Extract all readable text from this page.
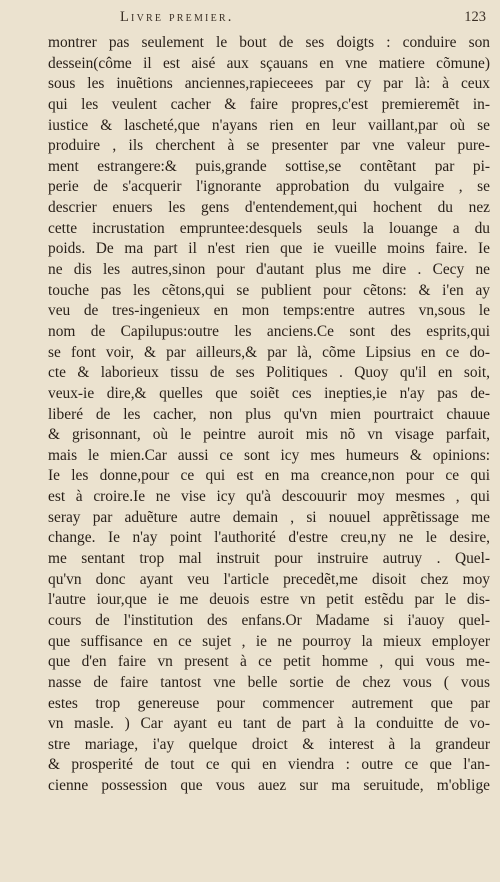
Livre premier.	123
montrer pas seulement le bout de ses doigts : conduire son
dessein(côme il est aisé aux sçauans en vne matiere cõmune)
sous les inuẽtions anciennes,rapieceees par cy par là: à ceux
qui les veulent cacher & faire propres,c'est premieremẽt in-
iustice & lascheté,que n'ayans rien en leur vaillant,par où se
produire , ils cherchent à se presenter par vne valeur pure-
ment estrangere:& puis,grande sottise,se contẽtant par pi-
perie de s'acquerir l'ignorante approbation du vulgaire , se
descrier enuers les gens d'entendement,qui hochent du nez
cette incrustation empruntee:desquels seuls la louange a du
poids. De ma part il n'est rien que ie vueille moins faire. Ie
ne dis les autres,sinon pour d'autant plus me dire . Cecy ne
touche pas les cẽtons,qui se publient pour cẽtons: & i'en ay
veu de tres-ingenieux en mon temps:entre autres vn,sous le
nom de Capilupus:outre les anciens.Ce sont des esprits,qui
se font voir, & par ailleurs,& par là, cõme Lipsius en ce do-
cte & laborieux tissu de ses Politiques . Quoy qu'il en soit,
veux-ie dire,& quelles que soiẽt ces inepties,ie n'ay pas de-
liberé de les cacher, non plus qu'vn mien pourtraict chauue
& grisonnant, où le peintre auroit mis nõ vn visage parfait,
mais le mien.Car aussi ce sont icy mes humeurs & opinions:
Ie les donne,pour ce qui est en ma creance,non pour ce qui
est à croire.Ie ne vise icy qu'à descouurir moy mesmes , qui
seray par aduẽture autre demain , si nouuel apprẽtissage me
change. Ie n'ay point l'authorité d'estre creu,ny ne le desire,
me sentant trop mal instruit pour instruire autruy . Quel-
qu'vn donc ayant veu l'article precedẽt,me disoit chez moy
l'autre iour,que ie me deuois estre vn petit estẽdu par le dis-
cours de l'institution des enfans.Or Madame si i'auoy quel-
que suffisance en ce sujet , ie ne pourroy la mieux employer
que d'en faire vn present à ce petit homme , qui vous me-
nasse de faire tantost vne belle sortie de chez vous ( vous
estes trop genereuse pour commencer autrement que par
vn masle. ) Car ayant eu tant de part à la conduitte de vo-
stre mariage, i'ay quelque droict & interest à la grandeur
& prosperité de tout ce qui en viendra : outre ce que l'an-
cienne possession que vous auez sur ma seruitude, m'oblige
